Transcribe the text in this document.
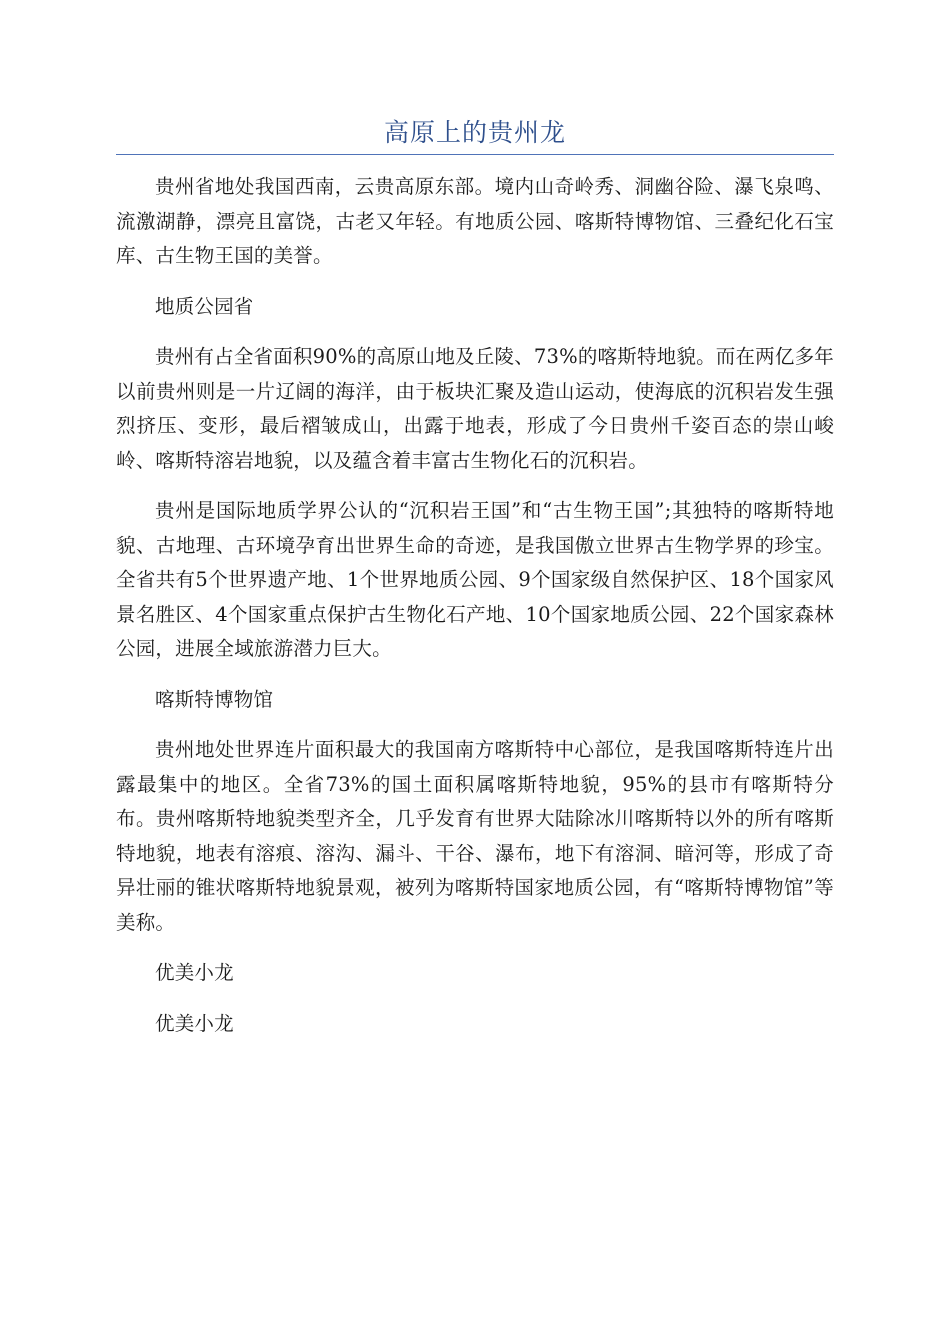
高原上的贵州龙

贵州省地处我国西南，云贵高原东部。境内山奇岭秀、洞幽谷险、瀑飞泉鸣、流激湖静，漂亮且富饶，古老又年轻。有地质公园、喀斯特博物馆、三叠纪化石宝库、古生物王国的美誉。

地质公园省

贵州有占全省面积90%的高原山地及丘陵、73%的喀斯特地貌。而在两亿多年以前贵州则是一片辽阔的海洋，由于板块汇聚及造山运动，使海底的沉积岩发生强烈挤压、变形，最后褶皱成山，出露于地表，形成了今日贵州千姿百态的崇山峻岭、喀斯特溶岩地貌，以及蕴含着丰富古生物化石的沉积岩。

贵州是国际地质学界公认的“沉积岩王国”和“古生物王国”;其独特的喀斯特地貌、古地理、古环境孕育出世界生命的奇迹，是我国傲立世界古生物学界的珍宝。全省共有5个世界遗产地、1个世界地质公园、9个国家级自然保护区、18个国家风景名胜区、4个国家重点保护古生物化石产地、10个国家地质公园、22个国家森林公园，进展全域旅游潜力巨大。

喀斯特博物馆

贵州地处世界连片面积最大的我国南方喀斯特中心部位，是我国喀斯特连片出露最集中的地区。全省73%的国土面积属喀斯特地貌，95%的县市有喀斯特分布。贵州喀斯特地貌类型齐全，几乎发育有世界大陆除冰川喀斯特以外的所有喀斯特地貌，地表有溶痕、溶沟、漏斗、干谷、瀑布，地下有溶洞、暗河等，形成了奇异壮丽的锥状喀斯特地貌景观，被列为喀斯特国家地质公园，有“喀斯特博物馆”等美称。

优美小龙

优美小龙
